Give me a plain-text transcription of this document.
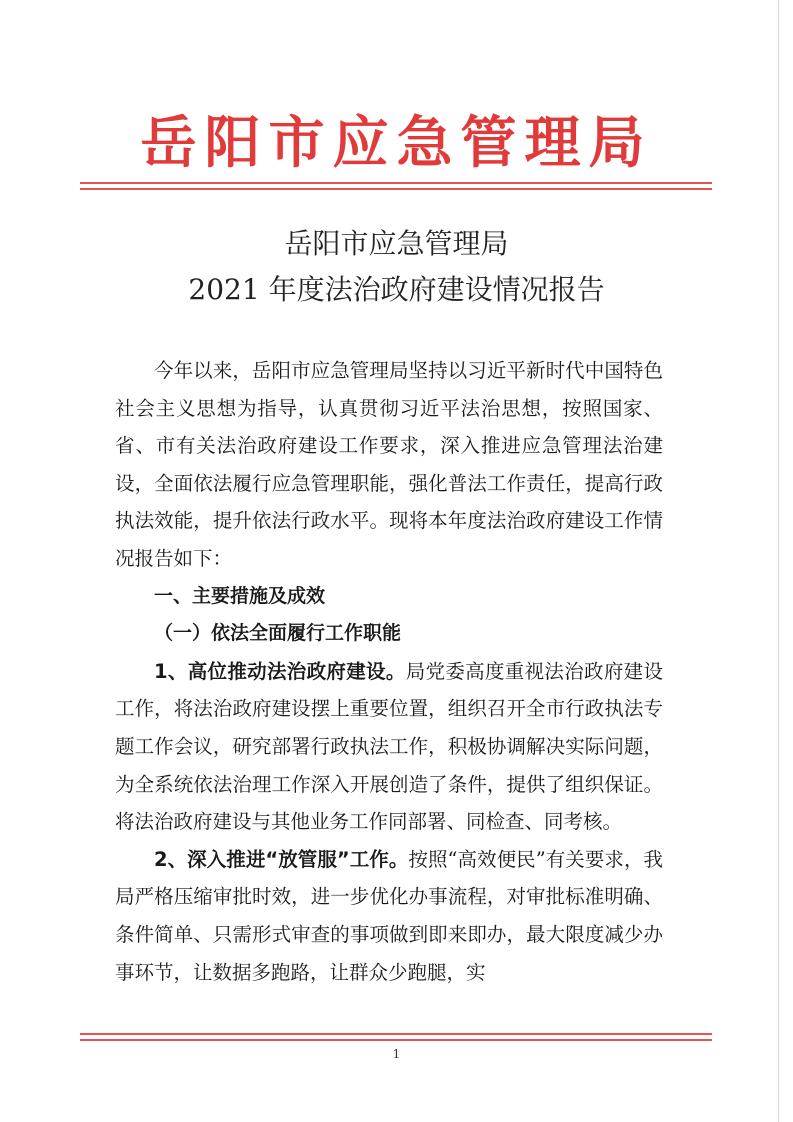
岳阳市应急管理局
岳阳市应急管理局
2021 年度法治政府建设情况报告

今年以来，岳阳市应急管理局坚持以习近平新时代中国特色社会主义思想为指导，认真贯彻习近平法治思想，按照国家、省、市有关法治政府建设工作要求，深入推进应急管理法治建设，全面依法履行应急管理职能，强化普法工作责任，提高行政执法效能，提升依法行政水平。现将本年度法治政府建设工作情况报告如下：

一、主要措施及成效

（一）依法全面履行工作职能

1、高位推动法治政府建设。局党委高度重视法治政府建设工作，将法治政府建设摆上重要位置，组织召开全市行政执法专题工作会议，研究部署行政执法工作，积极协调解决实际问题，为全系统依法治理工作深入开展创造了条件，提供了组织保证。将法治政府建设与其他业务工作同部署、同检查、同考核。

2、深入推进“放管服”工作。按照“高效便民”有关要求，我局严格压缩审批时效，进一步优化办事流程，对审批标准明确、条件简单、只需形式审查的事项做到即来即办，最大限度减少办事环节，让数据多跑路，让群众少跑腿，实

1
